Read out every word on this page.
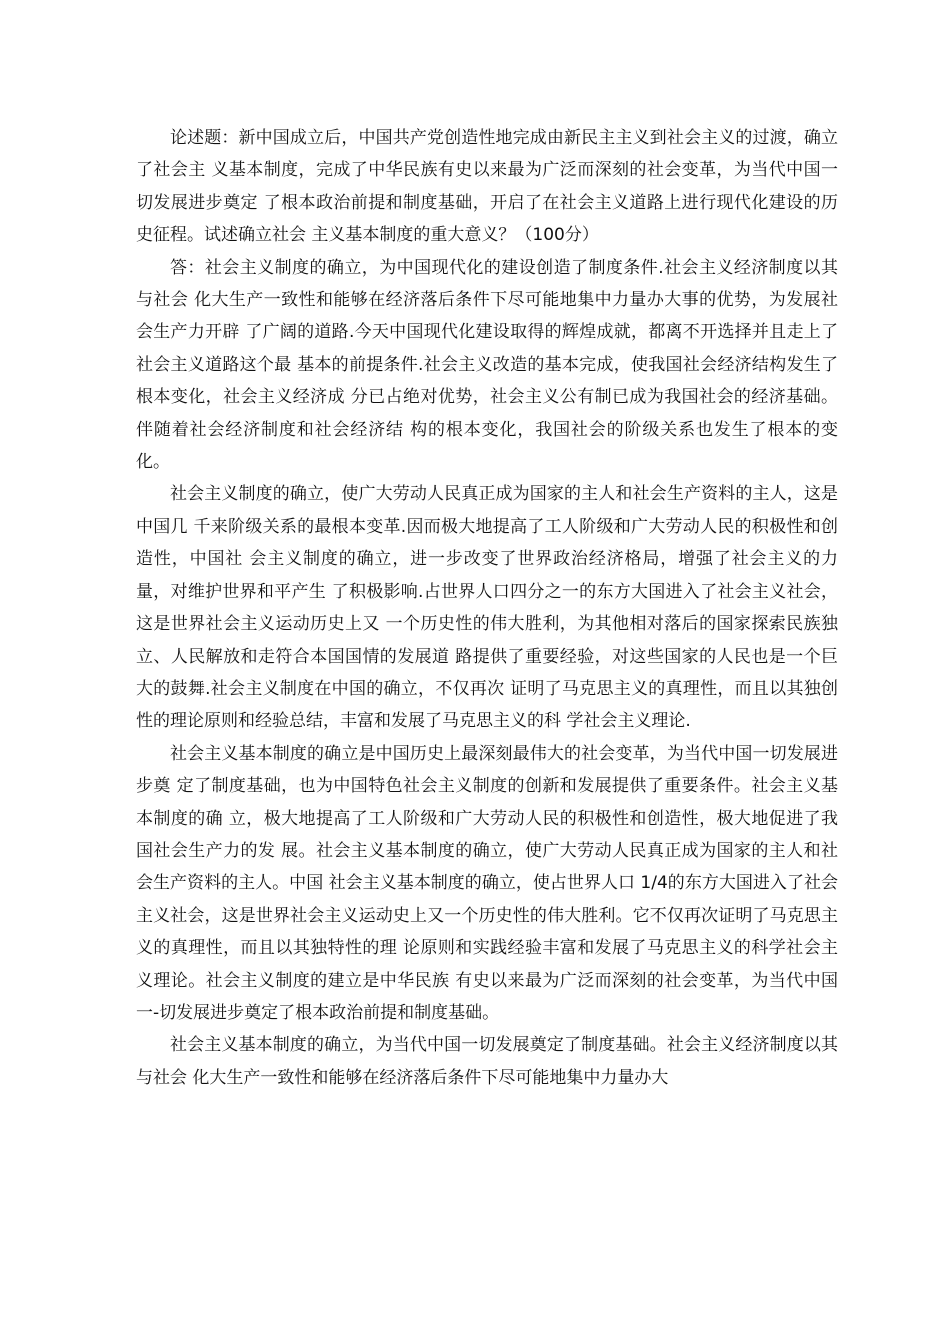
论述题：新中国成立后，中国共产党创造性地完成由新民主主义到社会主义的过渡，确立了社会主 义基本制度，完成了中华民族有史以来最为广泛而深刻的社会变革，为当代中国一切发展进步奠定 了根本政治前提和制度基础，开启了在社会主义道路上进行现代化建设的历史征程。试述确立社会 主义基本制度的重大意义？（100分）

答：社会主义制度的确立，为中国现代化的建设创造了制度条件.社会主义经济制度以其与社会 化大生产一致性和能够在经济落后条件下尽可能地集中力量办大事的优势，为发展社会生产力开辟 了广阔的道路.今天中国现代化建设取得的辉煌成就，都离不开选择并且走上了社会主义道路这个最 基本的前提条件.社会主义改造的基本完成，使我国社会经济结构发生了根本变化，社会主义经济成 分已占绝对优势，社会主义公有制已成为我国社会的经济基础。伴随着社会经济制度和社会经济结 构的根本变化，我国社会的阶级关系也发生了根本的变化。

社会主义制度的确立，使广大劳动人民真正成为国家的主人和社会生产资料的主人，这是中国几 千来阶级关系的最根本变革.因而极大地提高了工人阶级和广大劳动人民的积极性和创造性，中国社 会主义制度的确立，进一步改变了世界政治经济格局，增强了社会主义的力量，对维护世界和平产生 了积极影响.占世界人口四分之一的东方大国进入了社会主义社会，这是世界社会主义运动历史上又 一个历史性的伟大胜利，为其他相对落后的国家探索民族独立、人民解放和走符合本国国情的发展道 路提供了重要经验，对这些国家的人民也是一个巨大的鼓舞.社会主义制度在中国的确立，不仅再次 证明了马克思主义的真理性，而且以其独创性的理论原则和经验总结，丰富和发展了马克思主义的科 学社会主义理论.

社会主义基本制度的确立是中国历史上最深刻最伟大的社会变革，为当代中国一切发展进步奠 定了制度基础，也为中国特色社会主义制度的创新和发展提供了重要条件。社会主义基本制度的确 立，极大地提高了工人阶级和广大劳动人民的积极性和创造性，极大地促进了我国社会生产力的发 展。社会主义基本制度的确立，使广大劳动人民真正成为国家的主人和社会生产资料的主人。中国 社会主义基本制度的确立，使占世界人口 1/4的东方大国进入了社会主义社会，这是世界社会主义运动史上又一个历史性的伟大胜利。它不仅再次证明了马克思主义的真理性，而且以其独特性的理 论原则和实践经验丰富和发展了马克思主义的科学社会主义理论。社会主义制度的建立是中华民族 有史以来最为广泛而深刻的社会变革，为当代中国一-切发展进步奠定了根本政治前提和制度基础。

社会主义基本制度的确立，为当代中国一切发展奠定了制度基础。社会主义经济制度以其与社会 化大生产一致性和能够在经济落后条件下尽可能地集中力量办大
